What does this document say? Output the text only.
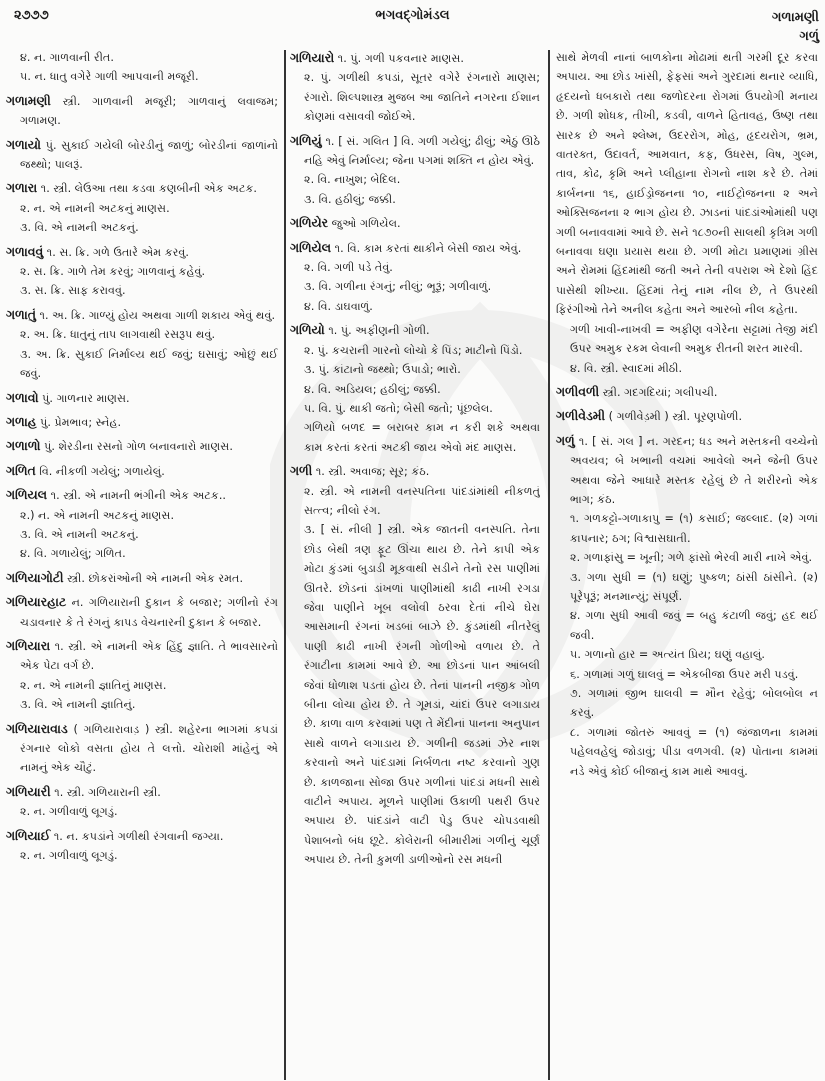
૨૭૭૭	ભગવદ્ગોમંડલ	ગળામણી
ગળું

૪. ન. ગાળવાની રીત.

૫. ન. ધાતુ વગેરે ગાળી આપવાની મજૂરી.

ગળામણી સ્ત્રી. ગાળવાની મજૂરી; ગાળવાનું લવાજમ; ગળામણ.

ગળાયો પું. સુકાઈ ગયેલી બોરડીનું જાળું; બોરડીનાં જાળાંનો જથ્થો; પાલરૂં.

ગળારા ૧. સ્ત્રી. લેઉઆ તથા કડવા કણબીની એક અટક.

૨. ન. એ નામની અટકનું માણસ.

૩. વિ. એ નામની અટકનું.

ગળાવવું ૧. સ. ક્રિ. ગળે ઉતારે એમ કરવું.

૨. સ. ક્રિ. ગાળે તેમ કરવું; ગાળવાનું કહેવું.

૩. સ. ક્રિ. સાફ કરાવવું.

ગળાતું ૧. અ. ક્રિ. ગાળ્યું હોય અથવા ગાળી શકાય એવું થવું.

૨. અ. ક્રિ. ધાતુનું તાપ લાગવાથી રસરૂપ થવું.

૩. અ. ક્રિ. સુકાઈ નિર્માલ્ય થઈ જવું; ઘસાવું; ઓછું થઈ જવું.

ગળાવો પું. ગાળનાર માણસ.

ગળાહ પું. પ્રેમભાવ; સ્નેહ.

ગળાળો પું. શેરડીના રસનો ગોળ બનાવનારો માણસ.

ગળિત વિ. નીકળી ગયેલું; ગળાયેલું.

ગળિયલ ૧. સ્ત્રી. એ નામની ભંગીની એક અટક..

૨.) ન. એ નામની અટકનું માણસ.

૩. વિ. એ નામની અટકનું.

૪. વિ. ગળાયેલું; ગળિત.

ગળિયાગોટી સ્ત્રી. છોકરાંઓની એ નામની એક રમત.

ગળિયારહાટ ન. ગળિયારાની દુકાન કે બજાર; ગળીનો રંગ ચડાવનાર કે તે રંગનું કાપડ વેચનારની દુકાન કે બજાર.

ગળિયારા ૧. સ્ત્રી. એ નામની એક હિંદુ જ્ઞાતિ. તે ભાવસારનો એક પેટા વર્ગ છે.

૨. ન. એ નામની જ્ઞાતિનું માણસ.

૩. વિ. એ નામની જ્ઞાતિનું.

ગળિયારાવાડ ( ગળિયારાવાડ઼ ) સ્ત્રી. શહેરના ભાગમાં કપડાં રંગનાર લોકો વસતા હોય તે લત્તો. ચોરાશી માંહેનું એ નામનું એક ચૌટું.

ગળિયારી ૧. સ્ત્રી. ગળિયારાની સ્ત્રી.

૨. ન. ગળીવાળું લૂગડું.

ગળિયાઈ ૧. ન. કપડાંને ગળીથી રંગવાની જગ્યા.

૨. ન. ગળીવાળું લૂગડું.

ગળિયારો ૧. પું. ગળી પકવનાર માણસ.

૨. પું. ગળીથી કપડાં, સૂતર વગેરે રંગનારો માણસ; રંગારો. શિલ્પશાસ્ત્ર મુજબ આ જાતિને નગરના ઈશાન કોણમાં વસાવવી જોઈએ.

ગળિયું ૧. [ સં. ગલિત ] વિ. ગળી ગયેલું; ઢીલું; એઠું ઊઠે નહિ એવું નિર્માલ્ય; જેના પગમાં શક્તિ ન હોય એવું.

૨. વિ. નાખુશ; બેદિલ.

૩. વિ. હઠીલું; જક્કી.

ગળિયેર જુઓ ગળિયેલ.

ગળિયેલ ૧. વિ. કામ કરતાં થાકીને બેસી જાય એવું.

૨. વિ. ગળી પડે તેવું.

૩. વિ. ગળીના રંગનું; નીલું; ભૂરૂં; ગળીવાળું.

૪. વિ. ડાઘવાળું.

ગળિયો ૧. પું. અફીણની ગોળી.

૨. પું. કચરાની ગારનો લોચો કે પિંડ; માટીનો પિંડો.

૩. પું. કાંટાનો જથ્થો; ઉપાડો; ભારો.

૪. વિ. અડિયલ; હઠીલું; જક્કી.

૫. વિ. પું. થાકી જતો; બેસી જતો; પૂંછલેલ.

ગળિયો બળદ = બરાબર કામ ન કરી શકે અથવા કામ કરતાં કરતાં અટકી જાય એવો મંદ માણસ.

ગળી ૧. સ્ત્રી. અવાજ; સૂર; કંઠ.

૨. સ્ત્રી. એ નામની વનસ્પતિના પાંદડાંમાંથી નીકળતું સત્ત્વ; નીલો રંગ.

૩. [ સં. નીલી ] સ્ત્રી. એક જાતની વનસ્પતિ. તેના છોડ બેથી ત્રણ ફૂટ ઊંચા થાય છે. તેને કાપી એક મોટા કુંડમાં બુડાડી મૂકવાથી સડીને તેનો રસ પાણીમાં ઊતરે. છોડનાં ડાંખળાં પાણીમાંથી કાઢી નાખી રગડા જેવા પાણીને ખૂબ વલોવી ઠરવા દેતાં નીચે ઘેરા આસમાની રંગનાં ખડબાં બાઝે છે. કુંડમાંથી નીતરેલું પાણી કાઢી નાખી રંગની ગોળીઓ વળાય છે. તે રંગાટીના કામમાં આવે છે. આ છોડનાં પાન આંબલી જેવાં ધોળાશ પડતાં હોય છે. તેનાં પાનની નજીક ગોળ બીના લોચા હોય છે. તે ગૂમડાં, ચાંદાં ઉપર લગાડાય છે. કાળા વાળ કરવામાં પણ તે મેંદીનાં પાનના અનુપાન સાથે વાળને લગાડાય છે. ગળીની જડમાં ઝેર નાશ કરવાનો અને પાંદડામાં નિર્બળતા નષ્ટ કરવાનો ગુણ છે. કાળજાના સોજા ઉપર ગળીનાં પાંદડાં મધની સાથે વાટીને અપાય. મૂળને પાણીમાં ઉકાળી પથરી ઉપર અપાય છે. પાંદડાંને વાટી પેડુ ઉપર ચોપડવાથી પેશાબનો બંધ છૂટે. કોલેરાની બીમારીમાં ગળીનું ચૂર્ણ અપાય છે. તેની કુમળી ડાળીઓનો રસ મધની

સાથે મેળવી નાનાં બાળકોના મોઢામાં થતી ગરમી દૂર કરવા અપાય. આ છોડ ખાંસી, ફેફસાં અને ગુરદામાં થનાર વ્યાધિ, હૃદયનો ધબકારો તથા જળોદરના રોગમાં ઉપયોગી મનાય છે. ગળી શોધક, તીખી, કડવી, વાળને હિતાવહ, ઉષ્ણ તથા સારક છે અને શ્લેષ્મ, ઉદરરોગ, મોહ, હૃદયરોગ, ભ્રમ, વાતરક્ત, ઉદાવર્ત, આમવાત, કફ, ઉધરસ, વિષ, ગુલ્મ, તાવ, કોઢ, કૃમિ અને પ્લીહાના રોગનો નાશ કરે છે. તેમાં કાર્બનના ૧૬, હાઈડ્રોજનના ૧૦, નાઈટ્રોજનના ૨ અને ઓક્સિજનના ૨ ભાગ હોય છે. ઝાડનાં પાંદડાંઓમાંથી પણ ગળી બનાવવામાં આવે છે. સને ૧૮૭૦ની સાલથી કૃત્રિમ ગળી બનાવવા ઘણા પ્રયાસ થયા છે. ગળી મોટા પ્રમાણમાં ગ્રીસ અને રોમમાં હિંદમાંથી જતી અને તેની વપરાશ એ દેશો હિંદ પાસેથી શીખ્યા. હિંદમાં તેનું નામ નીલ છે, તે ઉપરથી ફિરંગીઓ તેને અનીલ કહેતા અને આરબો નીલ કહેતા.

ગળી ખાવી-નાખવી = અફીણ વગેરેના સટ્ટામાં તેજી મંદી ઉપર અમુક રકમ લેવાની અમુક રીતની શરત મારવી.

૪. વિ. સ્ત્રી. સ્વાદમાં મીઠી.

ગળીવળી સ્ત્રી. ગદગદિયાં; ગલીપચી.

ગળીવેડમી ( ગળીવેડ઼મી ) સ્ત્રી. પૂરણપોળી.

ગળું ૧. [ સં. ગલ ] ન. ગરદન; ધડ અને મસ્તકની વચ્ચેનો અવયવ; બે ખભાની વચમાં આવેલો અને જેની ઉપર અથવા જેને આધારે મસ્તક રહેલું છે તે શરીરનો એક ભાગ; કંઠ.

૧. ગળકટ્ટો-ગળાકાપુ = (૧) કસાઈ; જલ્લાદ. (૨) ગળાં કાપનાર; ઠગ; વિશ્વાસઘાતી.

૨. ગળાફાંસુ = ખૂની; ગળે ફાંસો ભેરવી મારી નાખે એવું.

૩. ગળા સુધી = (૧) ઘણું; પુષ્કળ; ઠાંસી ઠાંસીને. (૨) પૂરેપૂરૂં; મનમાન્યું; સંપૂર્ણ.

૪. ગળા સુધી આવી જવું = બહુ કંટાળી જવું; હદ થઈ જવી.

૫. ગળાનો હાર = અત્યંત પ્રિય; ઘણું વહાલું.

૬. ગળામાં ગળું ઘાલવું = એકબીજા ઉપર મરી પડવું.

૭. ગળામાં જીભ ઘાલવી = મૌન રહેવું; બોલબોલ ન કરવું.

૮. ગળામાં જોતરું આવવું = (૧) જંજાળના કામમાં પહેલવહેલું જોડાવું; પીડા વળગવી. (૨) પોતાના કામમાં નડે એવું કોઈ બીજાનું કામ માથે આવવું.
